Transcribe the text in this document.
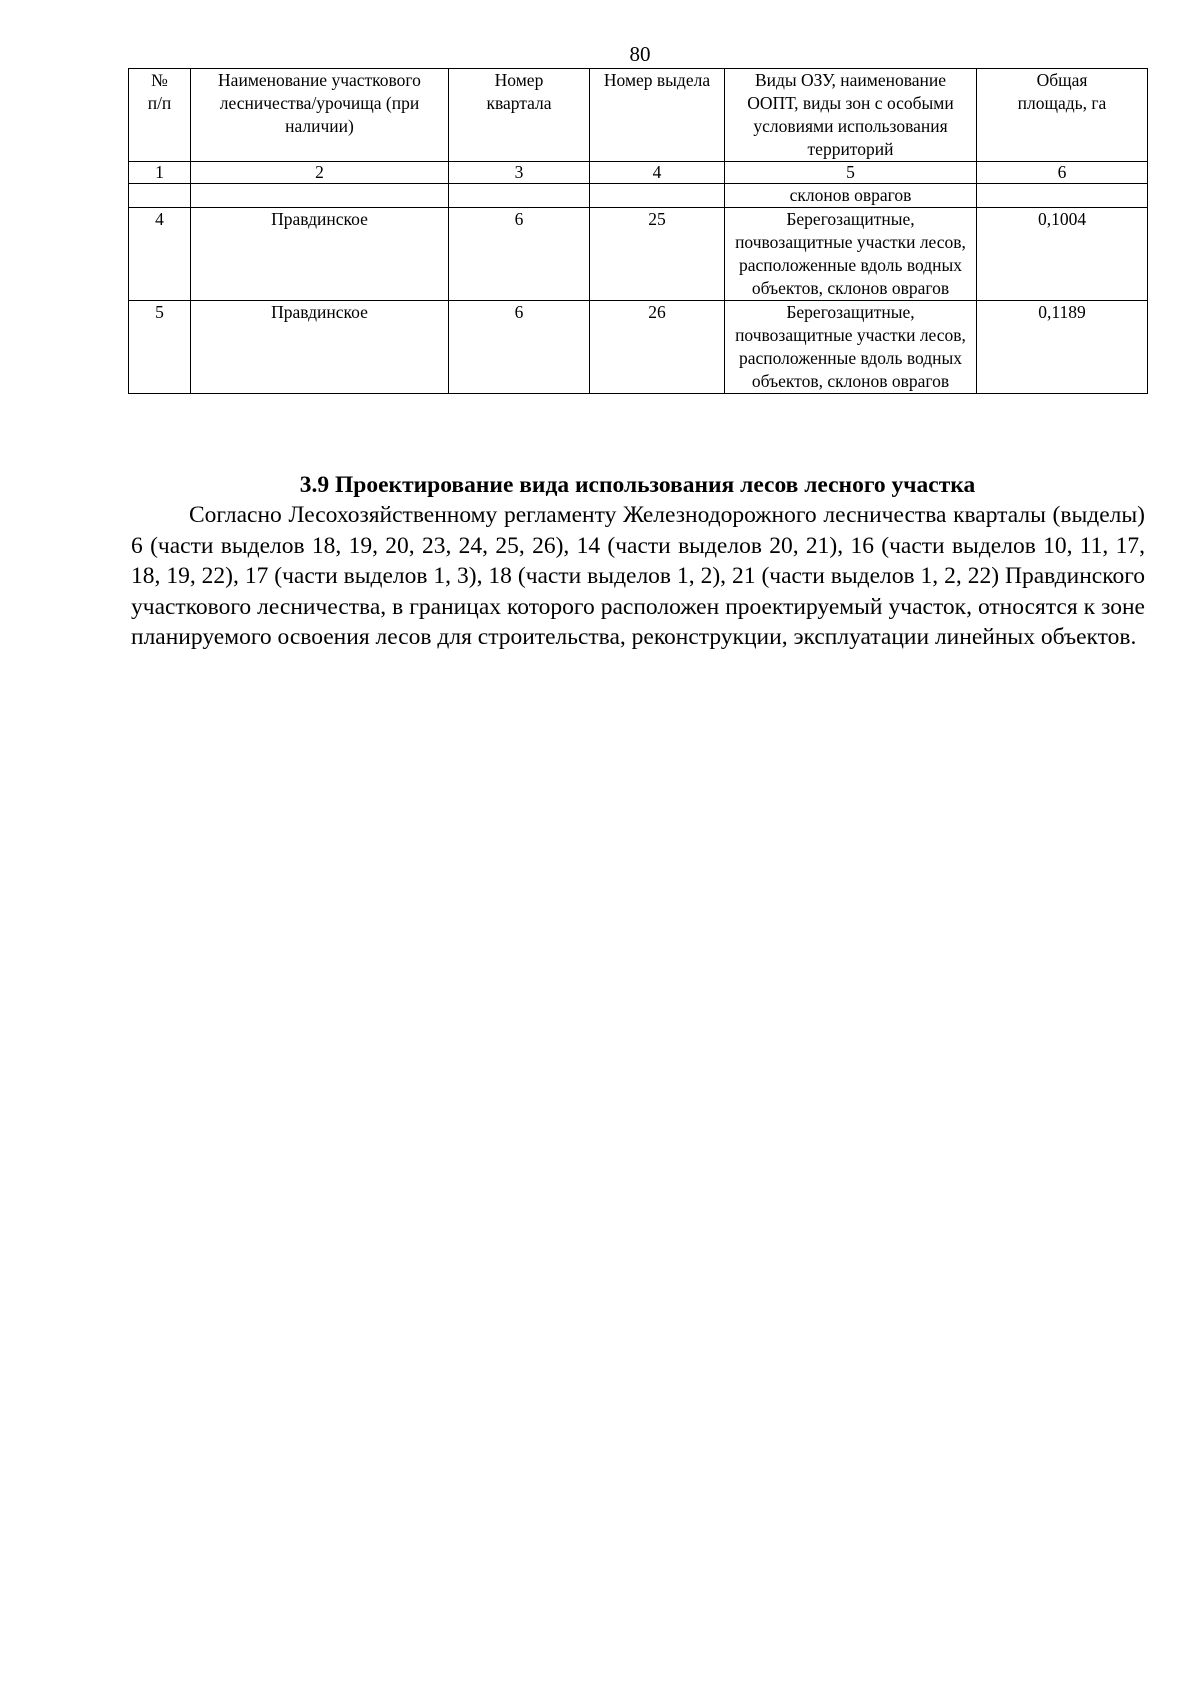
80
№ п/п	Наименование участкового лесничества/урочища (при наличии)	Номер квартала	Номер выдела	Виды ОЗУ, наименование ООПТ, виды зон с особыми условиями использования территорий	Общая площадь, га
1	2	3	4	5	6
				склонов оврагов	
4	Правдинское	6	25	Берегозащитные, почвозащитные участки лесов, расположенные вдоль водных объектов, склонов оврагов	0,1004
5	Правдинское	6	26	Берегозащитные, почвозащитные участки лесов, расположенные вдоль водных объектов, склонов оврагов	0,1189
3.9 Проектирование вида использования лесов лесного участка

Согласно Лесохозяйственному регламенту Железнодорожного лесничества кварталы (выделы) 6 (части выделов 18, 19, 20, 23, 24, 25, 26), 14 (части выделов 20, 21), 16 (части выделов 10, 11, 17, 18, 19, 22), 17 (части выделов 1, 3), 18 (части выделов 1, 2), 21 (части выделов 1, 2, 22) Правдинского участкового лесничества, в границах которого расположен проектируемый участок, относятся к зоне планируемого освоения лесов для строительства, реконструкции, эксплуатации линейных объектов.
